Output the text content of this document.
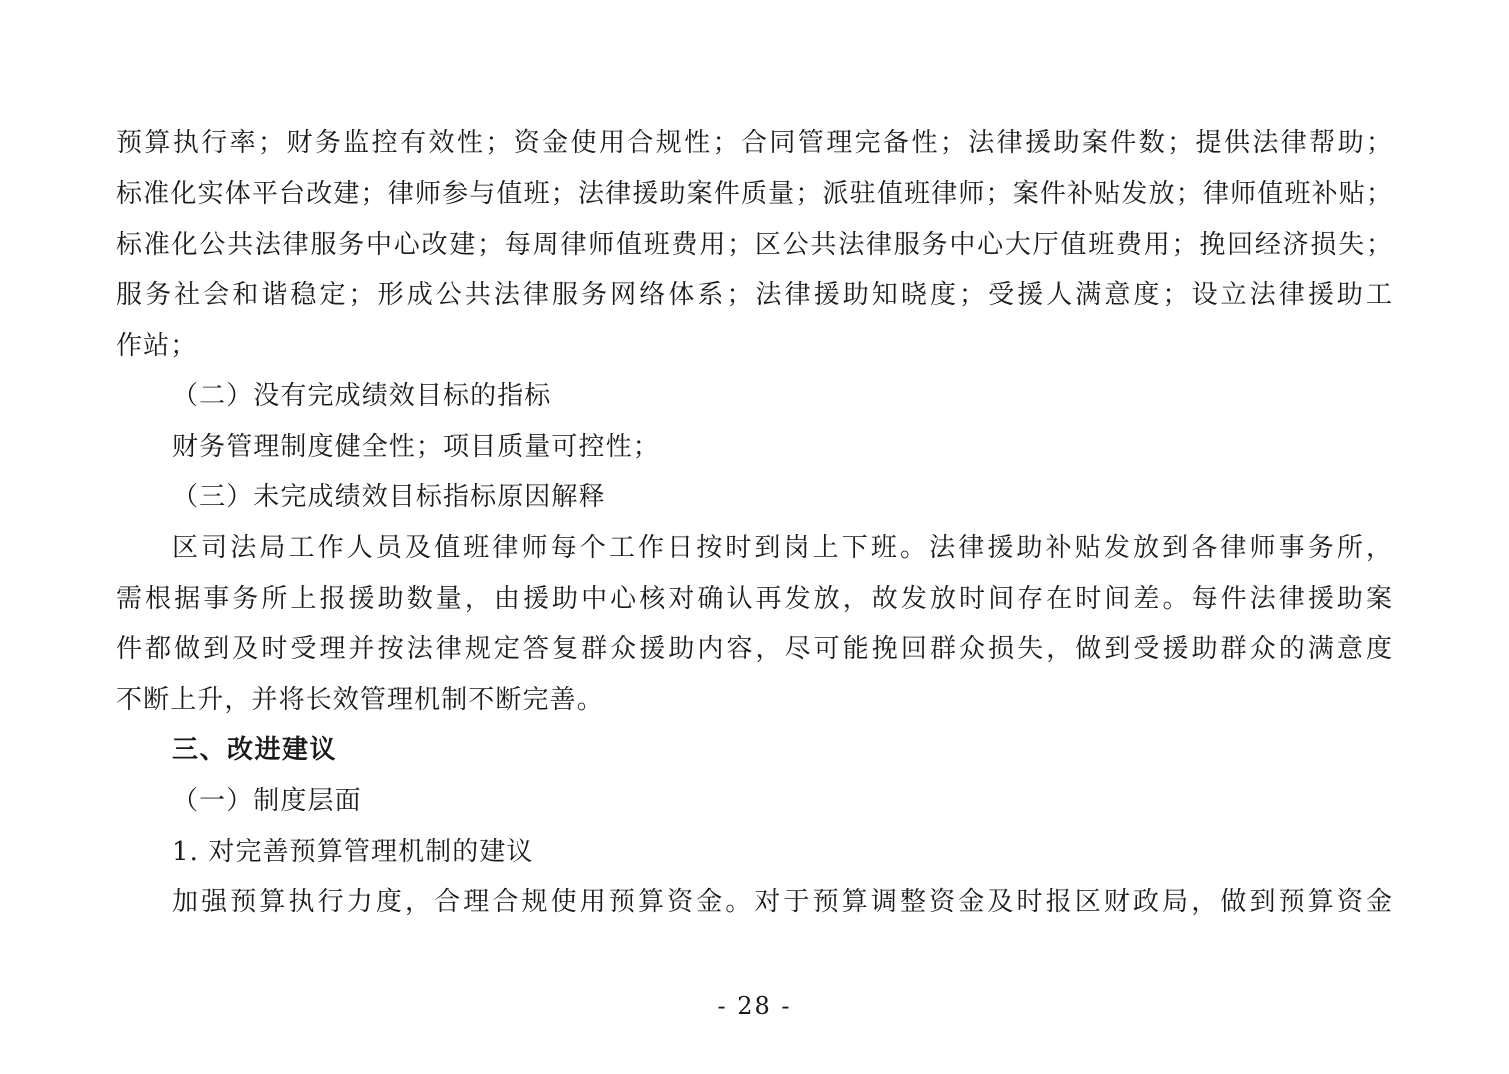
预算执行率；财务监控有效性；资金使用合规性；合同管理完备性；法律援助案件数；提供法律帮助；
标准化实体平台改建；律师参与值班；法律援助案件质量；派驻值班律师；案件补贴发放；律师值班补贴；
标准化公共法律服务中心改建；每周律师值班费用；区公共法律服务中心大厅值班费用；挽回经济损失；
服务社会和谐稳定；形成公共法律服务网络体系；法律援助知晓度；受援人满意度；设立法律援助工
作站；
（二）没有完成绩效目标的指标
财务管理制度健全性；项目质量可控性；
（三）未完成绩效目标指标原因解释
区司法局工作人员及值班律师每个工作日按时到岗上下班。法律援助补贴发放到各律师事务所，
需根据事务所上报援助数量，由援助中心核对确认再发放，故发放时间存在时间差。每件法律援助案
件都做到及时受理并按法律规定答复群众援助内容，尽可能挽回群众损失，做到受援助群众的满意度
不断上升，并将长效管理机制不断完善。
三、改进建议
（一）制度层面
1. 对完善预算管理机制的建议
加强预算执行力度，合理合规使用预算资金。对于预算调整资金及时报区财政局，做到预算资金
- 28 -
